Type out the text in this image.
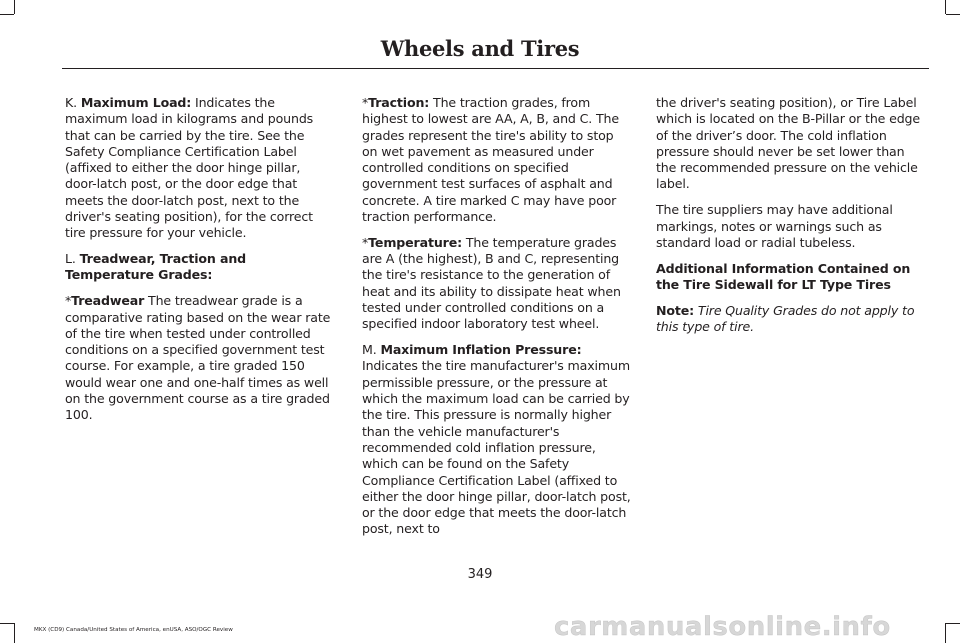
Wheels and Tires

K. Maximum Load: Indicates the maximum load in kilograms and pounds that can be carried by the tire. See the Safety Compliance Certification Label (affixed to either the door hinge pillar, door-latch post, or the door edge that meets the door-latch post, next to the driver's seating position), for the correct tire pressure for your vehicle.

L. Treadwear, Traction and Temperature Grades:

*Treadwear The treadwear grade is a comparative rating based on the wear rate of the tire when tested under controlled conditions on a specified government test course. For example, a tire graded 150 would wear one and one-half times as well on the government course as a tire graded 100.

*Traction: The traction grades, from highest to lowest are AA, A, B, and C. The grades represent the tire's ability to stop on wet pavement as measured under controlled conditions on specified government test surfaces of asphalt and concrete. A tire marked C may have poor traction performance.

*Temperature: The temperature grades are A (the highest), B and C, representing the tire's resistance to the generation of heat and its ability to dissipate heat when tested under controlled conditions on a specified indoor laboratory test wheel.

M. Maximum Inflation Pressure: Indicates the tire manufacturer's maximum permissible pressure, or the pressure at which the maximum load can be carried by the tire. This pressure is normally higher than the vehicle manufacturer's recommended cold inflation pressure, which can be found on the Safety Compliance Certification Label (affixed to either the door hinge pillar, door-latch post, or the door edge that meets the door-latch post, next to

the driver's seating position), or Tire Label which is located on the B-Pillar or the edge of the driver’s door. The cold inflation pressure should never be set lower than the recommended pressure on the vehicle label.

The tire suppliers may have additional markings, notes or warnings such as standard load or radial tubeless.

Additional Information Contained on the Tire Sidewall for LT Type Tires

Note: Tire Quality Grades do not apply to this type of tire.

349
MKX (CD9) Canada/United States of America, enUSA, ASO/OGC Review	carmanualsonline.info
